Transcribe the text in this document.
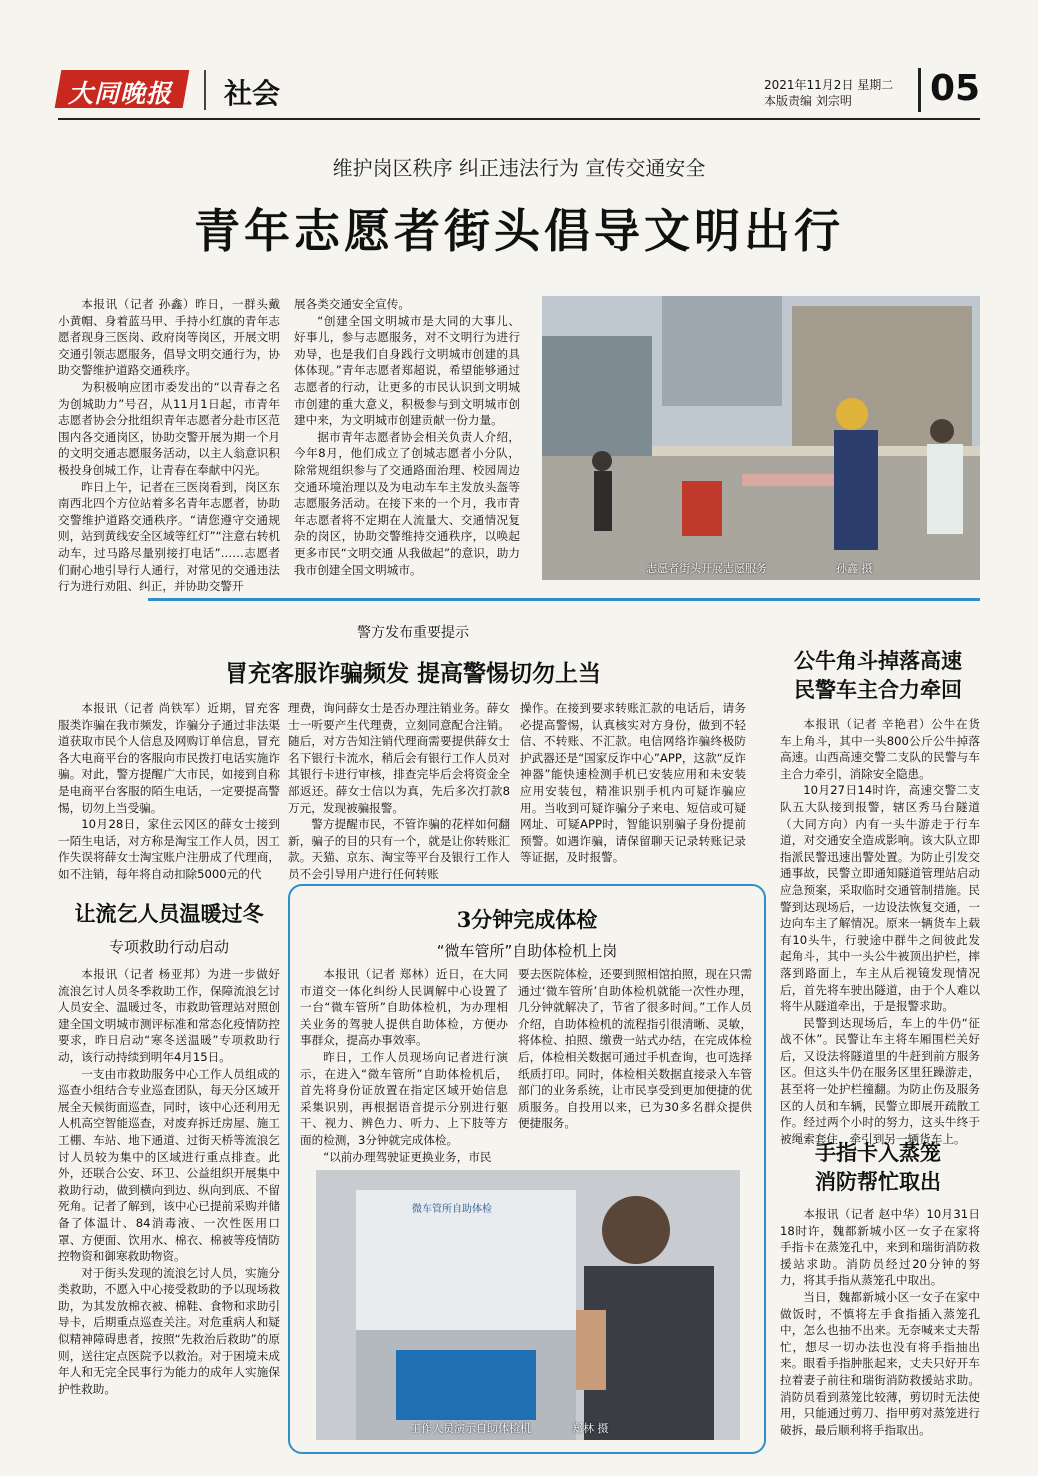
大同晚报 社会	2021年11月2日 星期二
本版责编 刘宗明 05
维护岗区秩序 纠正违法行为 宣传交通安全
青年志愿者街头倡导文明出行

本报讯（记者 孙鑫）昨日，一群头戴小黄帽、身着蓝马甲、手持小红旗的青年志愿者现身三医岗、政府岗等岗区，开展文明交通引领志愿服务，倡导文明交通行为，协助交警维护道路交通秩序。

为积极响应团市委发出的“以青春之名 为创城助力”号召，从11月1日起，市青年志愿者协会分批组织青年志愿者分赴市区范围内各交通岗区，协助交警开展为期一个月的文明交通志愿服务活动，以主人翁意识积极投身创城工作，让青春在奉献中闪光。

昨日上午，记者在三医岗看到，岗区东南西北四个方位站着多名青年志愿者，协助交警维护道路交通秩序。“请您遵守交通规则，站到黄线安全区域等红灯”“注意右转机动车，过马路尽量别接打电话”……志愿者们耐心地引导行人通行，对常见的交通违法行为进行劝阻、纠正，并协助交警开

展各类交通安全宣传。

“创建全国文明城市是大同的大事儿、好事儿，参与志愿服务，对不文明行为进行劝导，也是我们自身践行文明城市创建的具体体现。”青年志愿者郑超说，希望能够通过志愿者的行动，让更多的市民认识到文明城市创建的重大意义，积极参与到文明城市创建中来，为文明城市创建贡献一份力量。

据市青年志愿者协会相关负责人介绍，今年8月，他们成立了创城志愿者小分队，除常规组织参与了交通路面治理、校园周边交通环境治理以及为电动车车主发放头盔等志愿服务活动。在接下来的一个月，我市青年志愿者将不定期在人流量大、交通情况复杂的岗区，协助交警维持交通秩序，以唤起更多市民“文明交通 从我做起”的意识，助力我市创建全国文明城市。	志愿者街头开展志愿服务	孙鑫 摄
警方发布重要提示
冒充客服诈骗频发 提高警惕切勿上当

本报讯（记者 尚铁军）近期，冒充客服类诈骗在我市频发，诈骗分子通过非法渠道获取市民个人信息及网购订单信息，冒充各大电商平台的客服向市民拨打电话实施诈骗。对此，警方提醒广大市民，如接到自称是电商平台客服的陌生电话，一定要提高警惕，切勿上当受骗。

10月28日，家住云冈区的薛女士接到一陌生电话，对方称是淘宝工作人员，因工作失误将薛女士淘宝账户注册成了代理商，如不注销，每年将自动扣除5000元的代

理费，询问薛女士是否办理注销业务。薛女士一听要产生代理费，立刻同意配合注销。随后，对方告知注销代理商需要提供薛女士名下银行卡流水，稍后会有银行工作人员对其银行卡进行审核，排查完毕后会将资金全部返还。薛女士信以为真，先后多次打款8万元，发现被骗报警。

警方提醒市民，不管诈骗的花样如何翻新，骗子的目的只有一个，就是让你转账汇款。天猫、京东、淘宝等平台及银行工作人员不会引导用户进行任何转账

操作。在接到要求转账汇款的电话后，请务必提高警惕，认真核实对方身份，做到不轻信、不转账、不汇款。电信网络诈骗终极防护武器还是“国家反诈中心”APP，这款“反诈神器”能快速检测手机已安装应用和未安装应用安装包，精准识别手机内可疑诈骗应用。当收到可疑诈骗分子来电、短信或可疑网址、可疑APP时，智能识别骗子身份提前预警。如遇诈骗，请保留聊天记录转账记录等证据，及时报警。

公牛角斗掉落高速
民警车主合力牵回

本报讯（记者 辛艳君）公牛在货车上角斗，其中一头800公斤公牛掉落高速。山西高速交警二支队的民警与车主合力牵引，消除安全隐患。

10月27日14时许，高速交警二支队五大队接到报警，辖区秀马台隧道（大同方向）内有一头牛游走于行车道，对交通安全造成影响。该大队立即指派民警迅速出警处置。为防止引发交通事故，民警立即通知隧道管理站启动应急预案，采取临时交通管制措施。民警到达现场后，一边设法恢复交通，一边向车主了解情况。原来一辆货车上载有10头牛，行驶途中群牛之间彼此发起角斗，其中一头公牛被顶出护栏，摔落到路面上，车主从后视镜发现情况后，首先将车驶出隧道，由于个人难以将牛从隧道牵出，于是报警求助。

民警到达现场后，车上的牛仍“征战不休”。民警让车主将车厢围栏关好后，又设法将隧道里的牛赶到前方服务区。但这头牛仍在服务区里狂躁游走，甚至将一处护栏撞翻。为防止伤及服务区的人员和车辆，民警立即展开疏散工作。经过两个小时的努力，这头牛终于被绳索套住，牵引到另一辆货车上。

让流乞人员温暖过冬
专项救助行动启动

本报讯（记者 杨亚邦）为进一步做好流浪乞讨人员冬季救助工作，保障流浪乞讨人员安全、温暖过冬，市救助管理站对照创建全国文明城市测评标准和常态化疫情防控要求，昨日启动“寒冬送温暖”专项救助行动，该行动持续到明年4月15日。

一支由市救助服务中心工作人员组成的巡查小组结合专业巡查团队，每天分区域开展全天候街面巡查，同时，该中心还利用无人机高空智能巡查，对废弃拆迁房屋、施工工棚、车站、地下通道、过街天桥等流浪乞讨人员较为集中的区域进行重点排查。此外，还联合公安、环卫、公益组织开展集中救助行动，做到横向到边、纵向到底、不留死角。记者了解到，该中心已提前采购并储备了体温计、84消毒液、一次性医用口罩、方便面、饮用水、棉衣、棉被等疫情防控物资和御寒救助物资。

对于街头发现的流浪乞讨人员，实施分类救助，不愿入中心接受救助的予以现场救助，为其发放棉衣被、棉鞋、食物和求助引导卡，后期重点巡查关注。对危重病人和疑似精神障碍患者，按照“先救治后救助”的原则，送往定点医院予以救治。对于困境未成年人和无完全民事行为能力的成年人实施保护性救助。

3分钟完成体检
“微车管所”自助体检机上岗

本报讯（记者 郑林）近日，在大同市道交一体化纠纷人民调解中心设置了一台“微车管所”自助体检机，为办理相关业务的驾驶人提供自助体检，方便办事群众，提高办事效率。

昨日，工作人员现场向记者进行演示，在进入“微车管所”自助体检机后，首先将身份证放置在指定区域开始信息采集识别，再根据语音提示分别进行躯干、视力、辨色力、听力、上下肢等方面的检测，3分钟就完成体检。

“以前办理驾驶证更换业务，市民

要去医院体检，还要到照相馆拍照，现在只需通过‘微车管所’自助体检机就能一次性办理，几分钟就解决了，节省了很多时间。”工作人员介绍，自助体检机的流程指引很清晰、灵敏，将体检、拍照、缴费一站式办结，在完成体检后，体检相关数据可通过手机查询，也可选择纸质打印。同时，体检相关数据直接录入车管部门的业务系统，让市民享受到更加便捷的优质服务。自投用以来，已为30多名群众提供便捷服务。

微车管所自助体检
工作人员演示自助体检机	郑林 摄
手指卡入蒸笼
消防帮忙取出

本报讯（记者 赵中华）10月31日18时许，魏都新城小区一女子在家将手指卡在蒸笼孔中，来到和瑞街消防救援站求助。消防员经过20分钟的努力，将其手指从蒸笼孔中取出。

当日，魏都新城小区一女子在家中做饭时，不慎将左手食指插入蒸笼孔中，怎么也抽不出来。无奈喊来丈夫帮忙，想尽一切办法也没有将手指抽出来。眼看手指肿胀起来，丈夫只好开车拉着妻子前往和瑞街消防救援站求助。消防员看到蒸笼比较薄，剪切时无法使用，只能通过剪刀、指甲剪对蒸笼进行破拆，最后顺利将手指取出。
